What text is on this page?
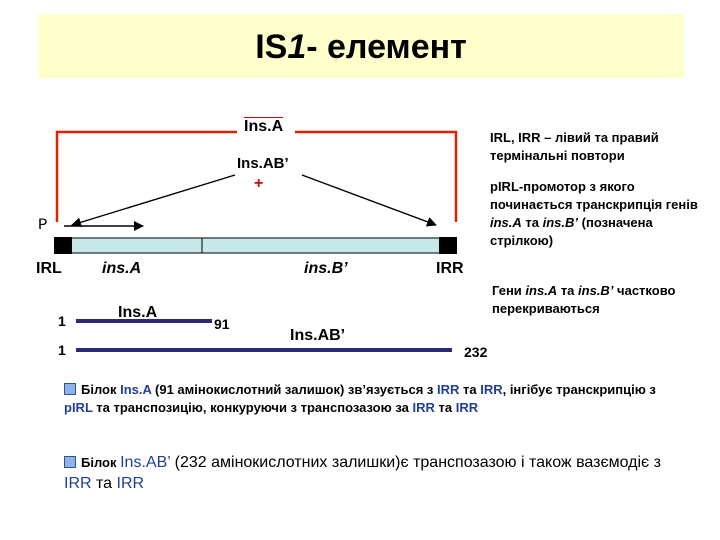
IS1- елемент
Ins.A
Ins.AB’
+
P
IRL	ins.A	ins.B’	IRR
1	Ins.A
91
Ins.AB’
1	232
IRL, IRR – лівий та правий термінальні повтори
pIRL-промотор з якого починається транскрипція генів ins.A та ins.B’ (позначена стрілкою)
Гени ins.A та ins.B’ частково перекриваються
Білок Ins.A (91 амінокислотний залишок) зв’язується з IRR та IRR, інгібує транскрипцію з pIRL та транспозицію, конкуруючи з транспозазою за IRR та IRR
Білок Ins.AB’ (232 амінокислотних залишки)є транспозазою і також вазємодіє з IRR та IRR
